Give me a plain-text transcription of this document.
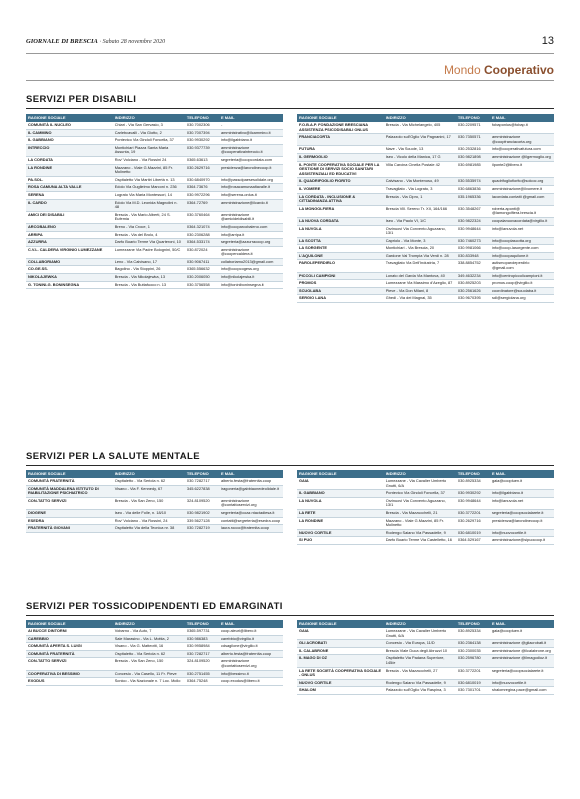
GIORNALE DI BRESCIA · Sabato 28 novembre 2020	13
Mondo Cooperativo
SERVIZI PER DISABILI
RAGIONE SOCIALE	INDIRIZZO	TELEFONO	E MAIL
COMUNITÀ IL NUCLEO	Chiari - Via San Gervasio, 3	030.7002306	-
IL CAMMINO	Carlebcavalli - Via Giotto, 2	030.7007394	amministrativo@ilcammino.it
IL GABBIANO	Pontevico Via Gindoli Foncella, 37	030.9930292	info@ilgabbiano.it
INTRECCIO	Montichiari Piazza Santa Maria Assunta, 19	030.9377739	amministrazione @cooperativaintreccio.it
LA CORDATA	Rov' Volciano - Via Rossini 24	0365.63613	segreteria@coopcordata.com
LA RONDINE	Mazzano - Viale G.Mazzini, 85 Fr. Molinetto	030.2629716	presidenza@larondinecoop.it
PA.SOL.	Ospitaletto Via Martiri Libertà n. 13	030.6840970	info@passolpaesesolidale.org
ROSA CAMUNA ALTA VALLE	Edolo Via Guglielmo Marconi n. 236	0364.73676	info@rosacamunaaltavalle.it
SERENA	Lograto Via Maria Montessori, 14	030.9972296	info@serena-onlus.it
IL CARDO	Edolo Via M.D. Leonida Magnolini n. 48	0364.72769	amministrazione@ilcardo.it
AMICI DEI DISABILI	Brescia - Via Mario Alberti, 24 S. Eufemia	030.3760464	amministrazione @amicideidisabili.it
ARCOBALENO	Breno - Via Croce, 1	0364.321074	info@cooparcobaleno.com
ARRIPA	Brescia - Via del Brolo, 4	030.2306288	info@arripa.it
AZZURRA	Darfo Boario Terme Via Quarteroni, 10	0364.533174	segreteria@azzurracoop.org
C.V.L. CALDERA VIRGINIO LUMEZZANE	Lumezzane Via Padre Bolognini, 50/C	030.872024	amministrazione @coopercaldera.it
COLLABORIAMO	Leno - Via Calvisano, 17	030.9067411	collaboriamo2013@gmail.com
CO.GE.SS.	Bagolino - Via Stoppini, 26	0365.556632	info@coopcogess.org
NIKOLAJEWKA	Brescia - Via Nikolajewka, 13	030.2006050	info@nikolajewka.it
G. TONINI-G. BONINSEGNA	Brescia - Via Buttafuoco n. 13	030.3756558	info@toniniboninsegna.it
RAGIONE SOCIALE	INDIRIZZO	TELEFONO	E MAIL
F.O.B.A.P. FONDAZIONE BRESCIANA ASSISTENZA PSICODISABILI ONLUS	Brescia - Via Michelangelo, 405	030.2209571	fobaponlus@fobap.it
FRANCIACORTA	Palazzolo sull'Oglio Via Pagnanini, 17	030.7350571	amministrazione @coopfranciacorta.org
FUTURA	Nave - Via Scuole, 13	030.2532816	info@cooperativafutura.com
IL GERMOGLIO	Iseo - Vicolo della Manica, 17 G	030.9821898	amministrazione @ilgermoglio.org
IL PONTE COOPERATIVA SOCIALE PER LA GESTIONE DI SERVIZI SOCIO SANITARI ASSISTENZIALI ED EDUCATIVI	Villa Carcina Cinella Postale 42	030.6981985	ilponte2@libero.it
IL QUADRIFOGLIO FIORITO	Calvisano - Via Montenoso, 49	030.5535974	quadrifogliofiorito@solcoc.org
IL VOMERE	Travagliato - Via Lograto, 3	030.6863836	amministrazione@ilvomere.it
LA CORDATA - INCLUSIONE & CITTADINANZA ATTIVA	Brescia - Via Cipro, 1	035.1965336	lacordata.contatti @gmail.com
LA MONGOLFIERA	Brescia Vill. Sereno Tr. XII, 164/166	030.3548267	roberta.aponti@ @lamongolfiera.brescia.it
LA NUOVA CORDATA	Iseo - Via Paolo VI, 1/C	030.9822324	coopalanuovacordata@virgilio.it
LA NUVOLA	Orzinuovi Via Convento Aguzzano, 13/1	030.9948644	info@lanuvola.net
LA SCOTTA	Capriolo - Via Monte, 3	030.7460273	info@cooplascotta.org
LA SORGENTE	Montichiari - Via Brescia, 20	030.9981066	info@coop-lasorgente.com
L'AQUILONE	Gardone Val Trompia Via Verdi n. 28	030.833948	info@coopaquilone.it
PAROLEPERDIRLO	Travagliato Via Dell'Industria, 7	338.8854752	autismoparoleperdirlo @gmail.com
PICCOLI CAMPIONI	Lonato del Garda Via Mantova, 40	349.4632234	info@centropiccolicampioni.it
PROMOS	Lumezzane Via Massimo d'Azeglio, 87	030.8925203	promos.coop@virgilio.it
SCUOLABA	Pieve - Via Don Milani, 8	030.2561626	coordinatore@scuolaba.it
SERGIO LANA	Ghedi - Via dei Magnai, 35	030.9670395	sdl@sergiolana.org
SERVIZI PER LA SALUTE MENTALE
RAGIONE SOCIALE	INDIRIZZO	TELEFONO	E MAIL
COMUNITÀ FRATERNITÀ	Ospitaletto - Via Seriola n. 62	030.7282717	alberto.festa@fraternita.coop
COMUNITÀ MADDALENA ISTITUTO DI RIABILITAZIONE PSICHIATRICO	Visano - Via F. Kennedy, 67	345.6227838	iragoneria@gabbiaonedeolidale.it
CON-TATTO SERVIZI	Brescia - Via San Zeno, 150	324.8109520	amministrazione @contattoservizi.org
DIOGENE	Iseo - Via delle Folle, n. 18/10	030.9821902	segreteria@coaz.ntactadiesa.it
ESEDRA	Rov' Volciano - Via Rossini, 24	339.5627128	contatti@segreteria@esedra.coop
FRATERNITÀ GIOVANI	Ospitaletto Via della Tecnica nr. 38	030.7282719	laura.rocco@fraternita.coop
RAGIONE SOCIALE	INDIRIZZO	TELEFONO	E MAIL
GAIA	Lumezzane - Via Cavalier Umberto Gnutti, 6/A	030.8925334	gaia@coopluen.it
IL GABBIANO	Pontevico Via Gindoli Foncella, 37	030.9930292	info@ilgabbiano.it
LA NUVOLA	Orzinuovi Via Convento Aguzzano, 13/1	030.9948644	info@lanuvola.net
LA RETE	Brescia - Via Mazzucchelli, 21	030.3772201	segreteria@coopsocialarete.it
LA RONDINE	Mazzano - Viale G.Mazzini, 85 Fr. Molinetto	030.2629716	presidenza@larondinecoop.it
NUOVO CORTILE	Rodengo Saiano Via Passadelle, 9	030.6810019	info@nuovocortile.it
SI PUO	Darfo Boario Terme Via Castelletto, 16	0364.529167	amministrazione@sipuocoop.it
SERVIZI PER TOSSICODIPENDENTI ED EMARGINATI
RAGIONE SOCIALE	INDIRIZZO	TELEFONO	E MAIL
AI BUCCE DINTORNI	Vobarno - Via Auto, 7	0365.597731	coop.aleuri@libero.it
CAREBBIO	Sale Marasino - Via L. Mottia, 2	030.986383	carebbio@virgilio.it
COMUNITÀ APERTA S. LUIGI	Visano - Via G. Matteotti, 16	030.9958984	cdsagilone@virgilio.it
COMUNITÀ FRATERNITÀ	Ospitaletto - Via Seriola n. 62	030.7282717	alberto.festa@fraternita.coop
CON-TATTO SERVIZI	Brescia - Via San Zeno, 150	324.8109520	amministrazione @contattoservizi.org
COOPERATIVA DI BESSIMO	Concesio - Via Casello, 11 Fr. Pieve	030.2751455	info@bessimo.it
EXODUS	Sonico - Via Nazionale n. 7 Loc. Mollo	0364.75248	coop.exodus@libero.it
RAGIONE SOCIALE	INDIRIZZO	TELEFONO	E MAIL
GAIA	Lumezzane - Via Cavalier Umberto Gnutti, 6/A	030.8925334	gaia@coopluen.it
GLI ACROBATI	Concesio - Via Europa, 11/D	030.2364138	amministrazione @gliacrobati.it
IL CALABRONE	Brescia Viale Duca degli Abruzzi 10	030.2300035	amministrazione @ilcalabrone.org
IL MAGO DI OZ	Ospitaletto Via Padana Superiore, 145/e	030.2596780	amministrazione @ilmagodioz.it
LA RETE SOCIETÀ COOPERATIVA SOCIALE - ONLUS	Brescia - Via Mazzucchelli, 27	030.3772201	segreteria@coopsocialarete.it
NUOVO CORTILE	Rodengo Saiano Via Passadelle, 9	030.6810019	info@nuovocortile.it
SHALOM	Palazzolo sull'Oglio Via Raspina, 3	030.7301701	shalomregina.pace@gmail.com
